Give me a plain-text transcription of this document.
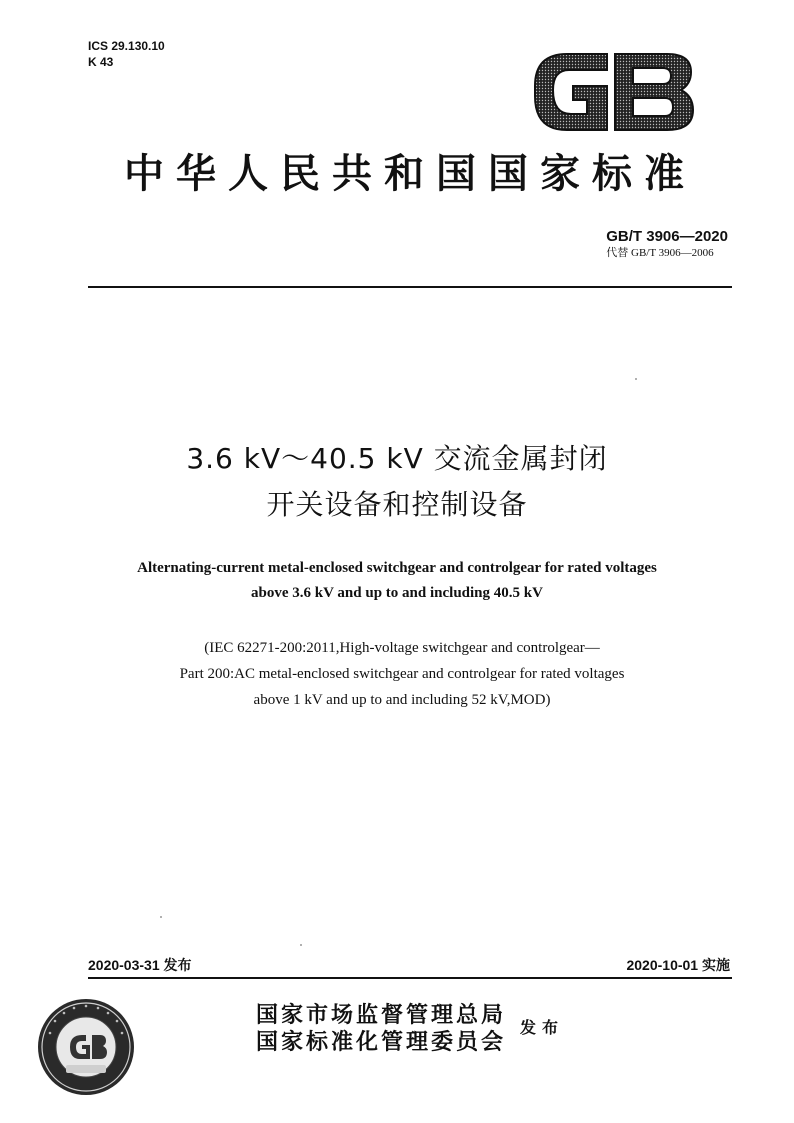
ICS 29.130.10
K 43
中华人民共和国国家标准
GB/T 3906—2020
代替 GB/T 3906—2006
3.6 kV～40.5 kV 交流金属封闭
开关设备和控制设备
Alternating-current metal-enclosed switchgear and controlgear for rated voltages
above 3.6 kV and up to and including 40.5 kV
(IEC 62271-200:2011,High-voltage switchgear and controlgear—
Part 200:AC metal-enclosed switchgear and controlgear for rated voltages
above 1 kV and up to and including 52 kV,MOD)
2020-03-31 发布	2020-10-01 实施
国家市场监督管理总局
国家标准化管理委员会
发布
